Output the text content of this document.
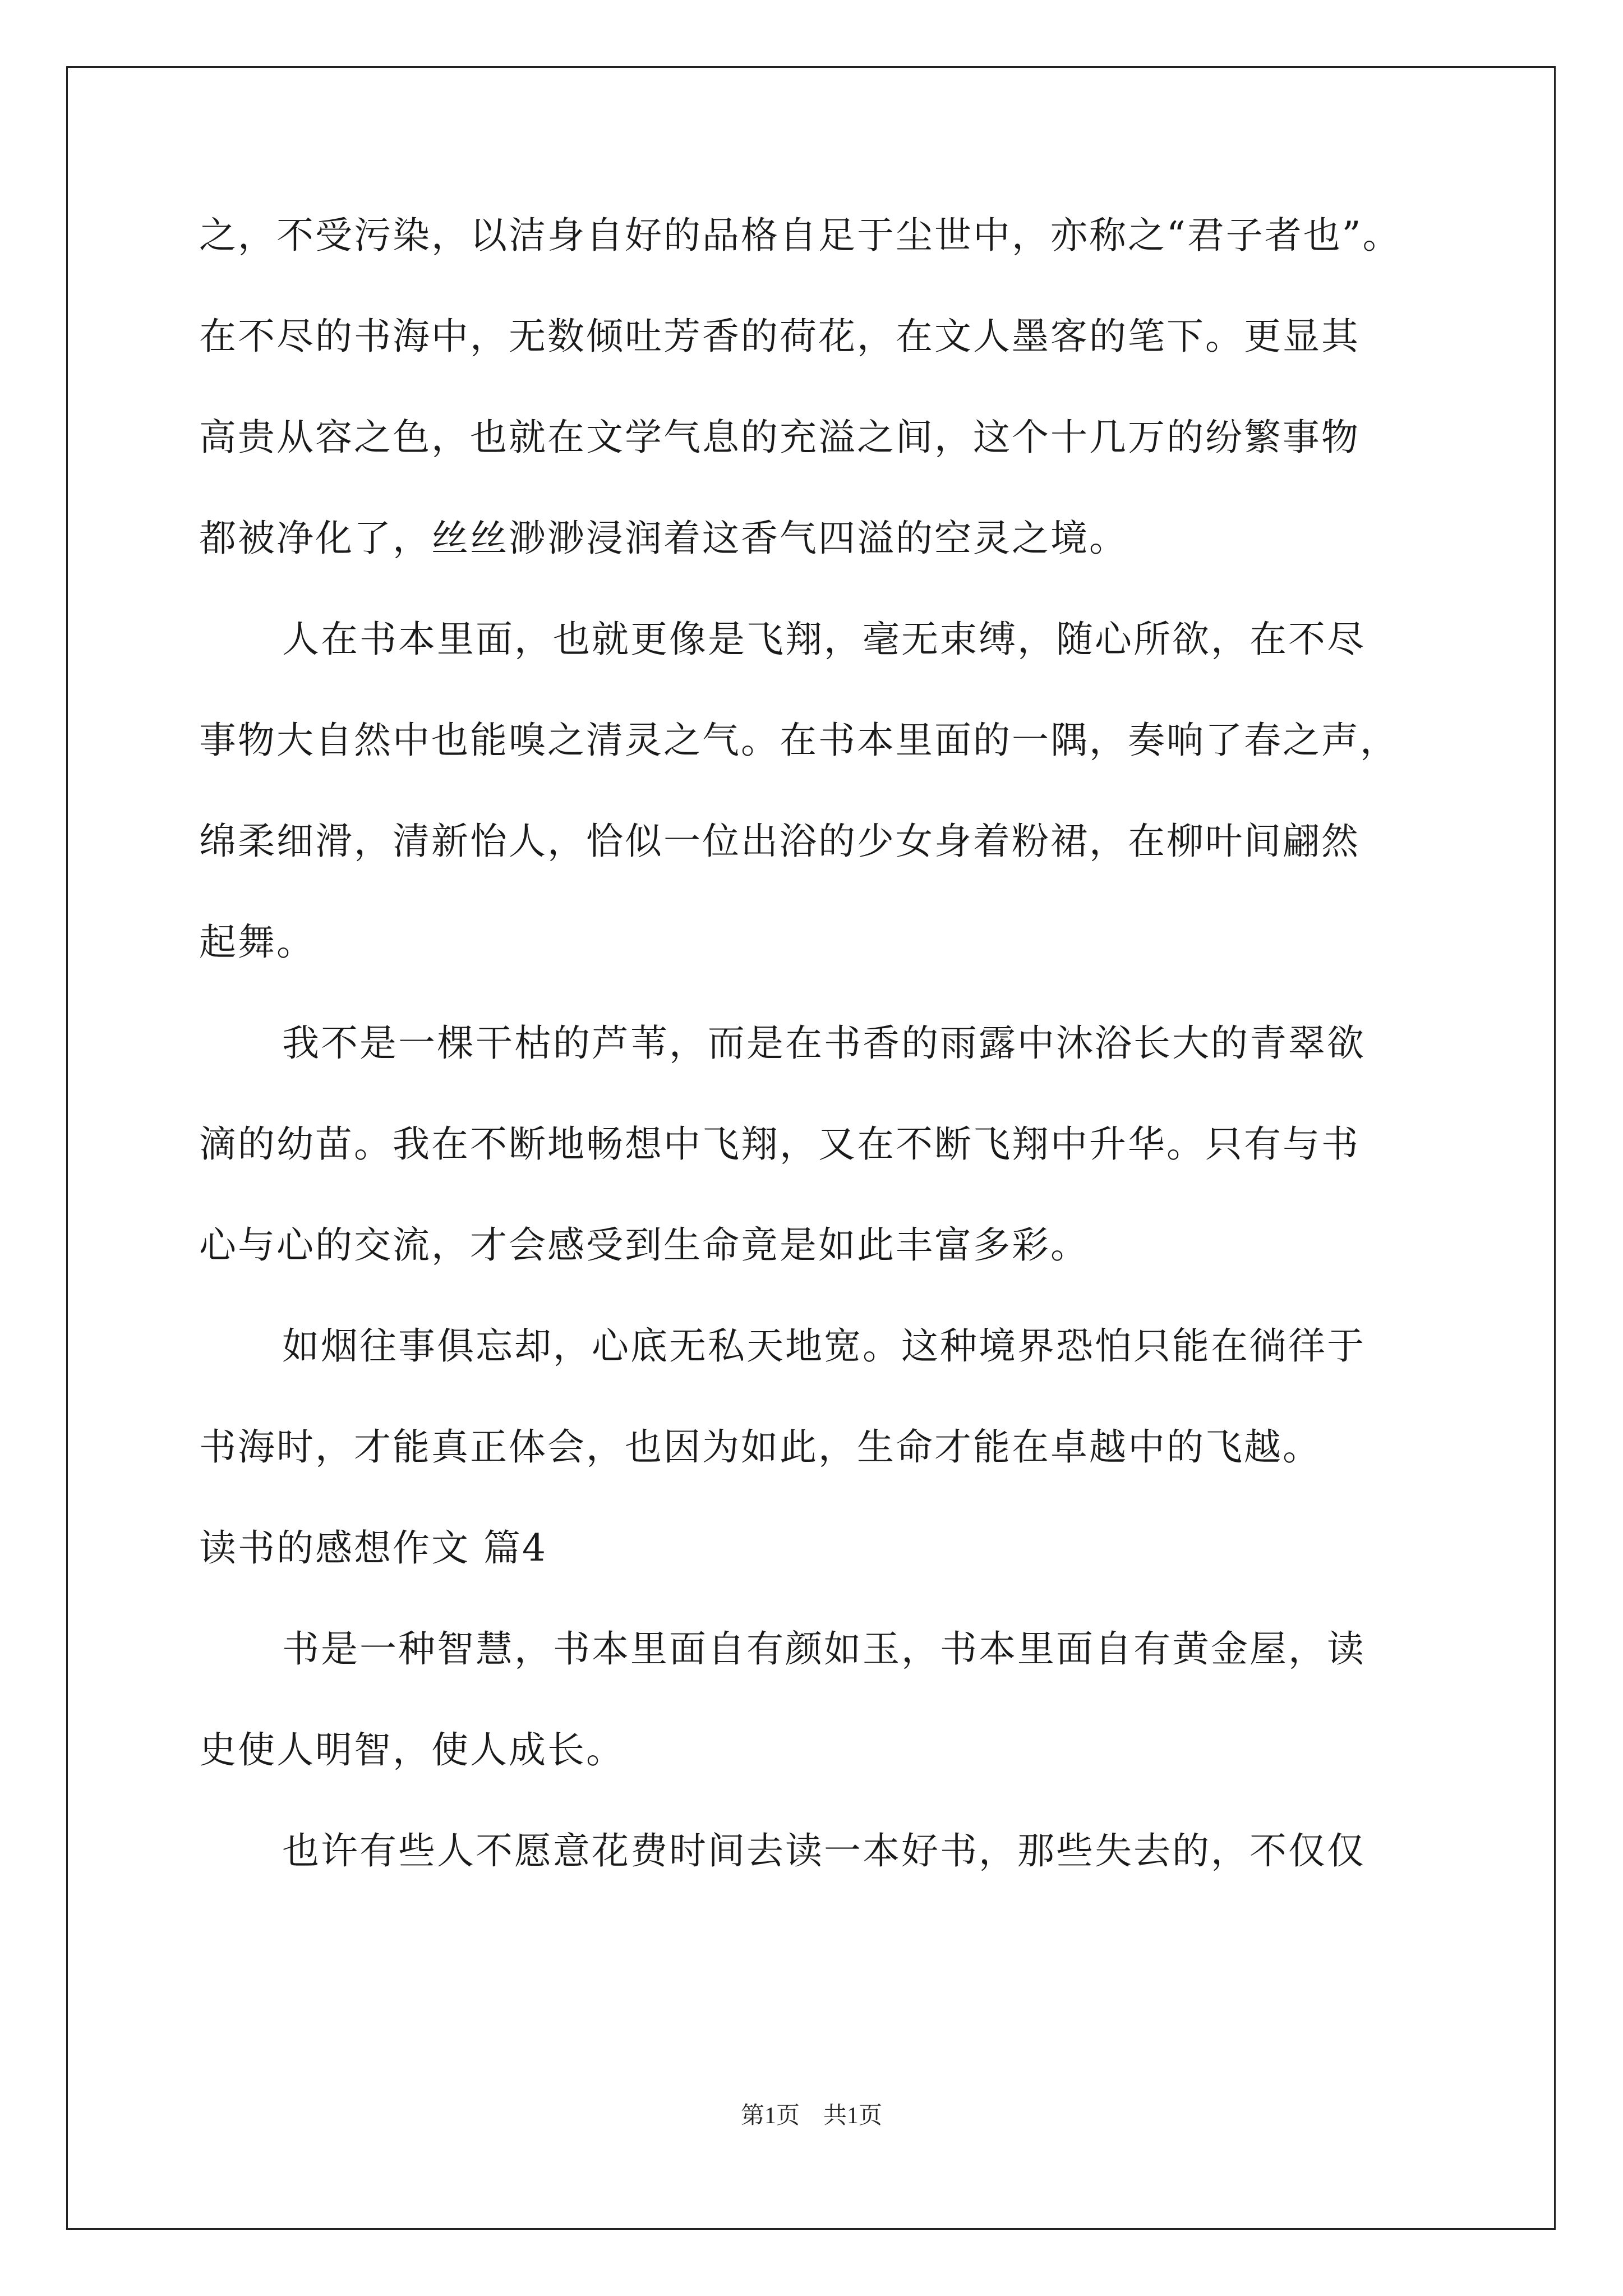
之，不受污染，以洁身自好的品格自足于尘世中，亦称之“君子者也”。
在不尽的书海中，无数倾吐芳香的荷花，在文人墨客的笔下。更显其
高贵从容之色，也就在文学气息的充溢之间，这个十几万的纷繁事物
都被净化了，丝丝渺渺浸润着这香气四溢的空灵之境。
人在书本里面，也就更像是飞翔，毫无束缚，随心所欲，在不尽
事物大自然中也能嗅之清灵之气。在书本里面的一隅，奏响了春之声，
绵柔细滑，清新怡人，恰似一位出浴的少女身着粉裙，在柳叶间翩然
起舞。
我不是一棵干枯的芦苇，而是在书香的雨露中沐浴长大的青翠欲
滴的幼苗。我在不断地畅想中飞翔，又在不断飞翔中升华。只有与书
心与心的交流，才会感受到生命竟是如此丰富多彩。
如烟往事俱忘却，心底无私天地宽。这种境界恐怕只能在徜徉于
书海时，才能真正体会，也因为如此，生命才能在卓越中的飞越。
读书的感想作文 篇4
书是一种智慧，书本里面自有颜如玉，书本里面自有黄金屋，读
史使人明智，使人成长。
也许有些人不愿意花费时间去读一本好书，那些失去的，不仅仅
第1页　共1页
